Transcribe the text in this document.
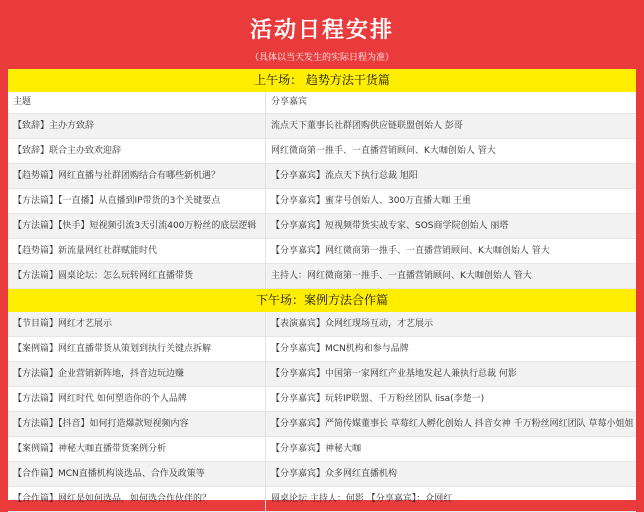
活动日程安排
（具体以当天发生的实际日程为准）
上午场： 趋势方法干货篇
主题	分享嘉宾
【致辞】主办方致辞	流点天下董事长社群团购供应链联盟创始人 彭哥
【致辞】联合主办致欢迎辞	网红微商第一推手、一直播营销顾问、K大咖创始人 管大
【趋势篇】网红直播与社群团购结合有哪些新机遇？	【分享嘉宾】流点天下执行总裁 旭阳
【方法篇】【一直播】从直播到IP带货的3个关键要点	【分享嘉宾】蜜芽号创始人、300万直播大咖 王重
【方法篇】【快手】短视频引流3天引流400万粉丝的底层逻辑	【分享嘉宾】短视频带货实战专家、SOS商学院创始人 丽塔
【趋势篇】新流量网红社群赋能时代	【分享嘉宾】网红微商第一推手、一直播营销顾问、K大咖创始人 管大
【方法篇】圆桌论坛：怎么玩转网红直播带货	主持人：网红微商第一推手、一直播营销顾问、K大咖创始人 管大
下午场：案例方法合作篇
【节目篇】网红才艺展示	【表演嘉宾】众网红现场互动，才艺展示
【案例篇】网红直播带货从策划到执行关键点拆解	【分享嘉宾】MCN机构和参与品牌
【方法篇】企业营销新阵地，抖音边玩边赚	【分享嘉宾】中国第一家网红产业基地发起人兼执行总裁 何影
【方法篇】网红时代 如何塑造你的个人品牌	【分享嘉宾】玩转IP联盟、千万粉丝团队 lisa(李楚一)
【方法篇】【抖音】如何打造爆款短视频内容	【分享嘉宾】严简传媒董事长 草莓红人孵化创始人 抖音女神 千万粉丝网红团队 草莓小姐姐
【案例篇】神秘大咖直播带货案例分析	【分享嘉宾】神秘大咖
【合作篇】MCN直播机构谈选品、合作及政策等	【分享嘉宾】众多网红直播机构
【合作篇】网红是如何选品，如何选合作伙伴的？	圆桌论坛 主持人：何影 【分享嘉宾】：众网红
